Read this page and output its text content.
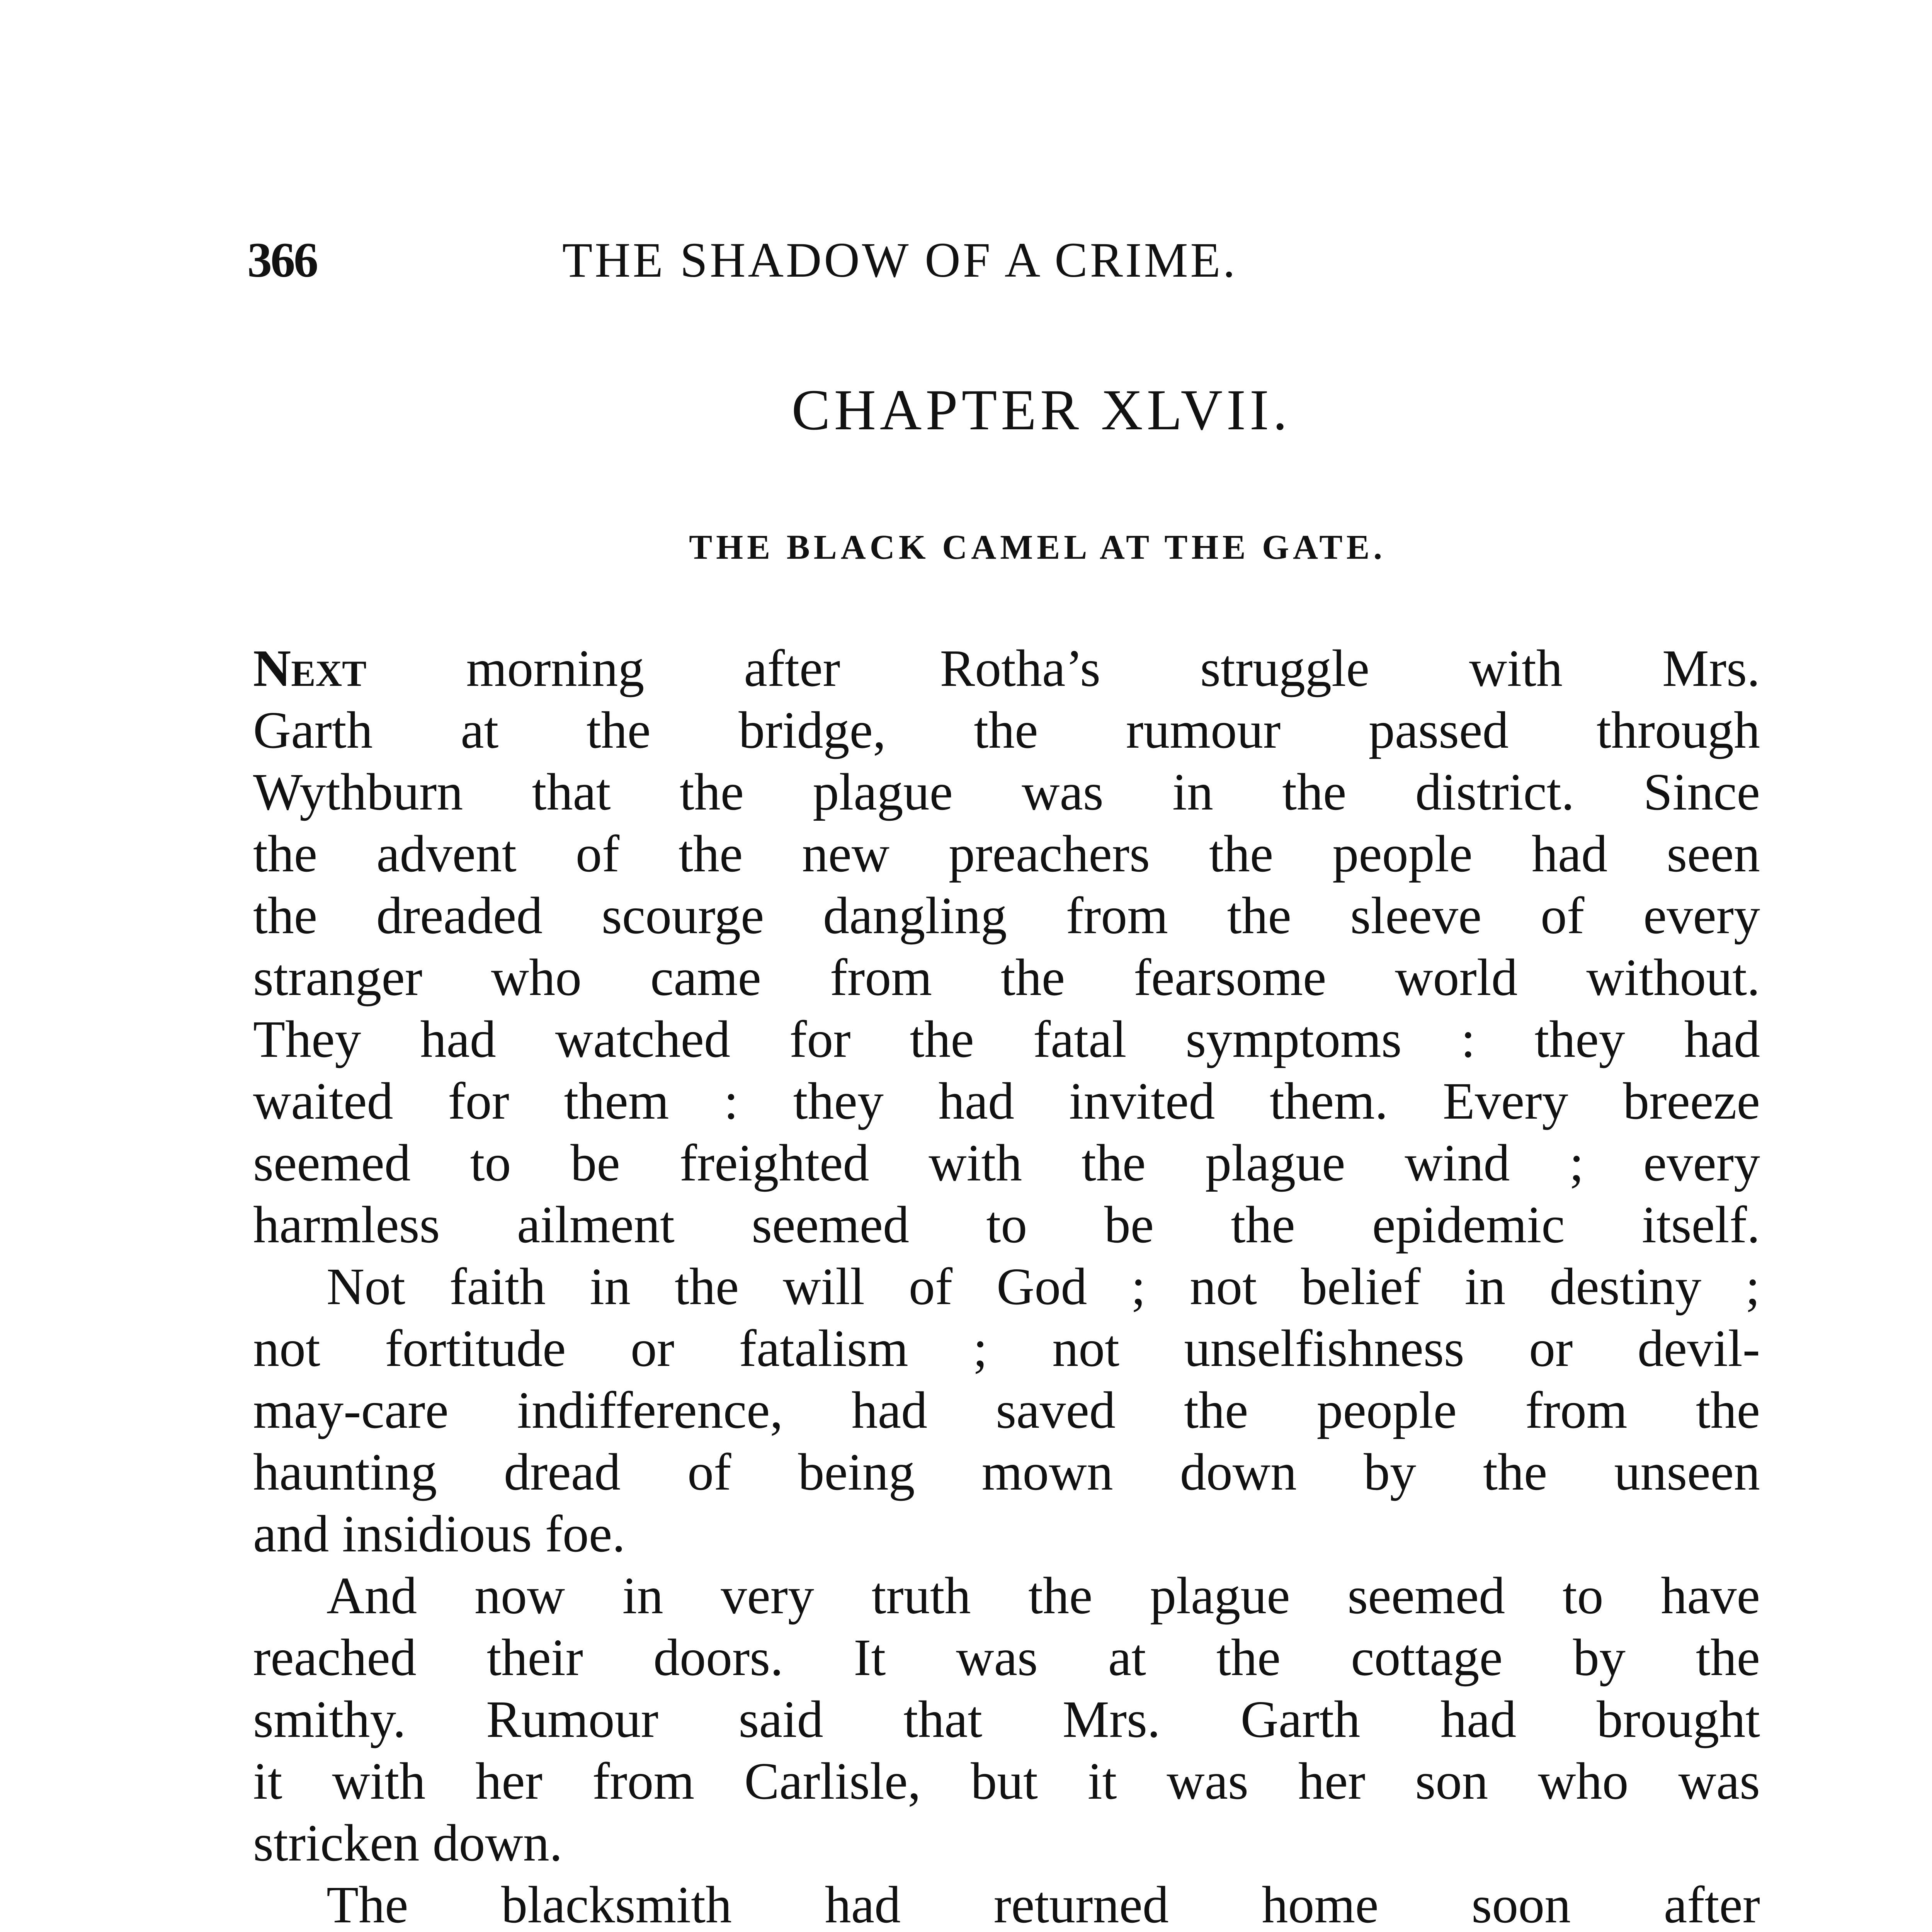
366	THE SHADOW OF A CRIME.
CHAPTER XLVII.
THE BLACK CAMEL AT THE GATE.
Next morning after Rotha’s struggle with Mrs.
Garth at the bridge, the rumour passed through
Wythburn that the plague was in the district. Since
the advent of the new preachers the people had seen
the dreaded scourge dangling from the sleeve of every
stranger who came from the fearsome world without.
They had watched for the fatal symptoms : they had
waited for them : they had invited them. Every breeze
seemed to be freighted with the plague wind ; every
harmless ailment seemed to be the epidemic itself.
Not faith in the will of God ; not belief in destiny ;
not fortitude or fatalism ; not unselfishness or devil-
may-care indifference, had saved the people from the
haunting dread of being mown down by the unseen
and insidious foe.
And now in very truth the plague seemed to have
reached their doors. It was at the cottage by the
smithy. Rumour said that Mrs. Garth had brought
it with her from Carlisle, but it was her son who was
stricken down.
The blacksmith had returned home soon after
